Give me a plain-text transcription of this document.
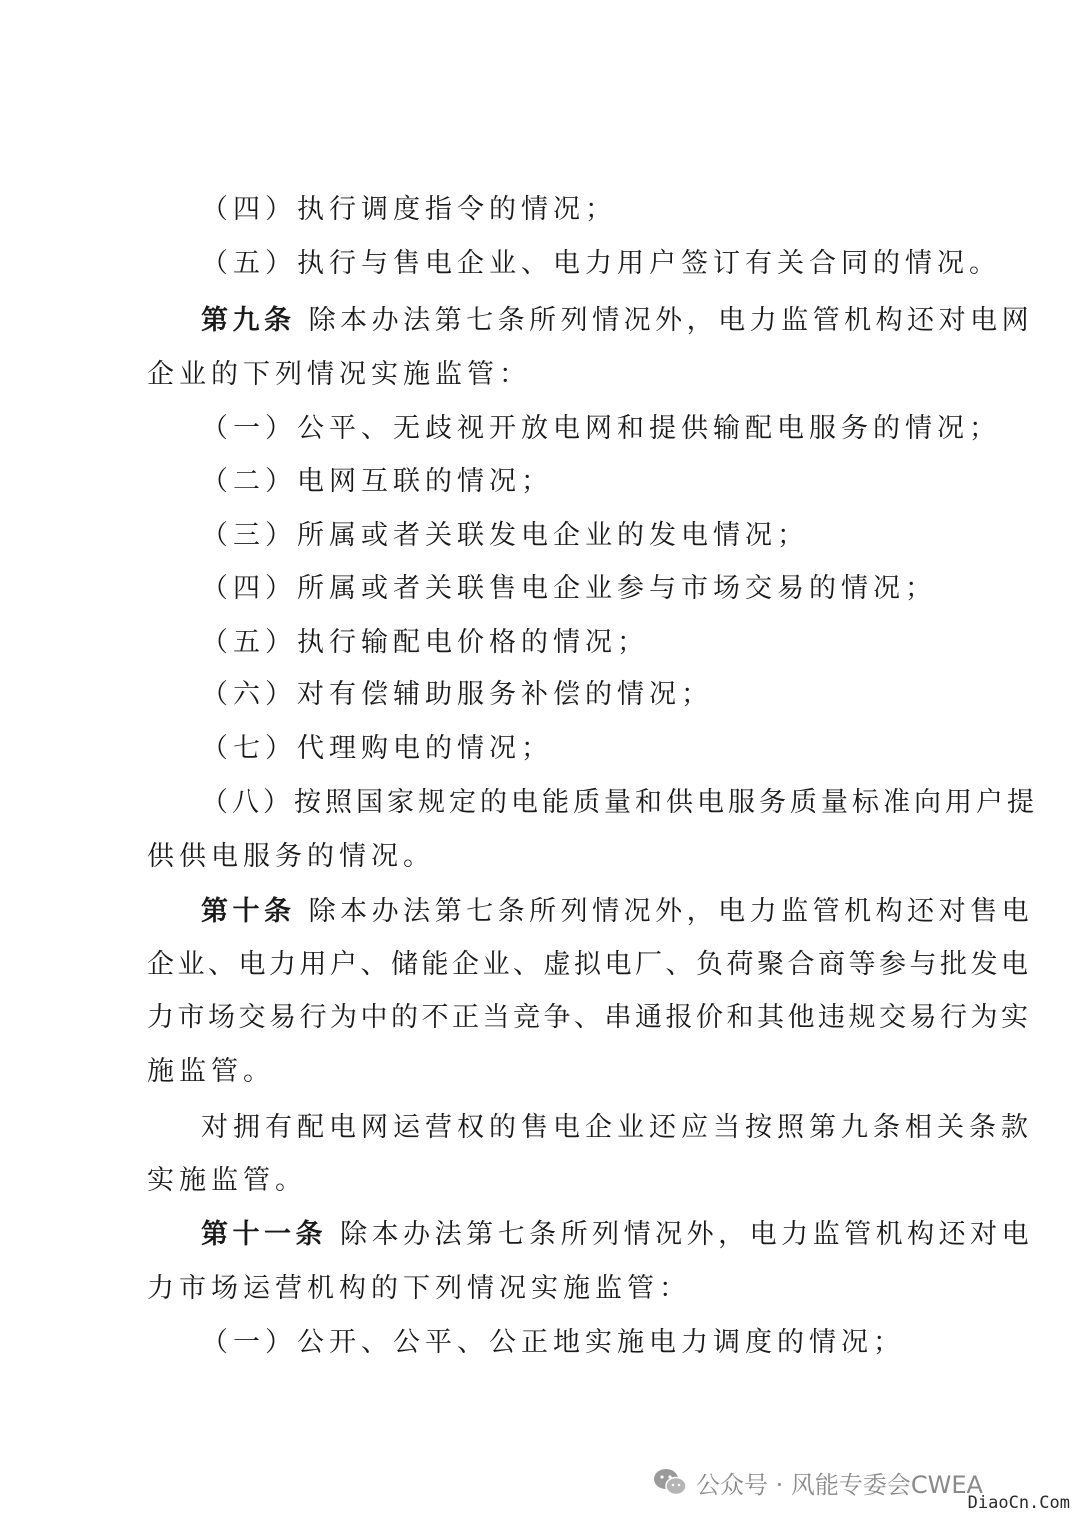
（四）执行调度指令的情况；
（五）执行与售电企业、电力用户签订有关合同的情况。
第九条 除本办法第七条所列情况外，电力监管机构还对电网
企业的下列情况实施监管：
（一）公平、无歧视开放电网和提供输配电服务的情况；
（二）电网互联的情况；
（三）所属或者关联发电企业的发电情况；
（四）所属或者关联售电企业参与市场交易的情况；
（五）执行输配电价格的情况；
（六）对有偿辅助服务补偿的情况；
（七）代理购电的情况；
（八）按照国家规定的电能质量和供电服务质量标准向用户提
供供电服务的情况。
第十条 除本办法第七条所列情况外，电力监管机构还对售电
企业、电力用户、储能企业、虚拟电厂、负荷聚合商等参与批发电
力市场交易行为中的不正当竞争、串通报价和其他违规交易行为实
施监管。
对拥有配电网运营权的售电企业还应当按照第九条相关条款
实施监管。
第十一条 除本办法第七条所列情况外，电力监管机构还对电
力市场运营机构的下列情况实施监管：
（一）公开、公平、公正地实施电力调度的情况；
公众号 · 风能专委会CWEA
DiaoCn.Com
